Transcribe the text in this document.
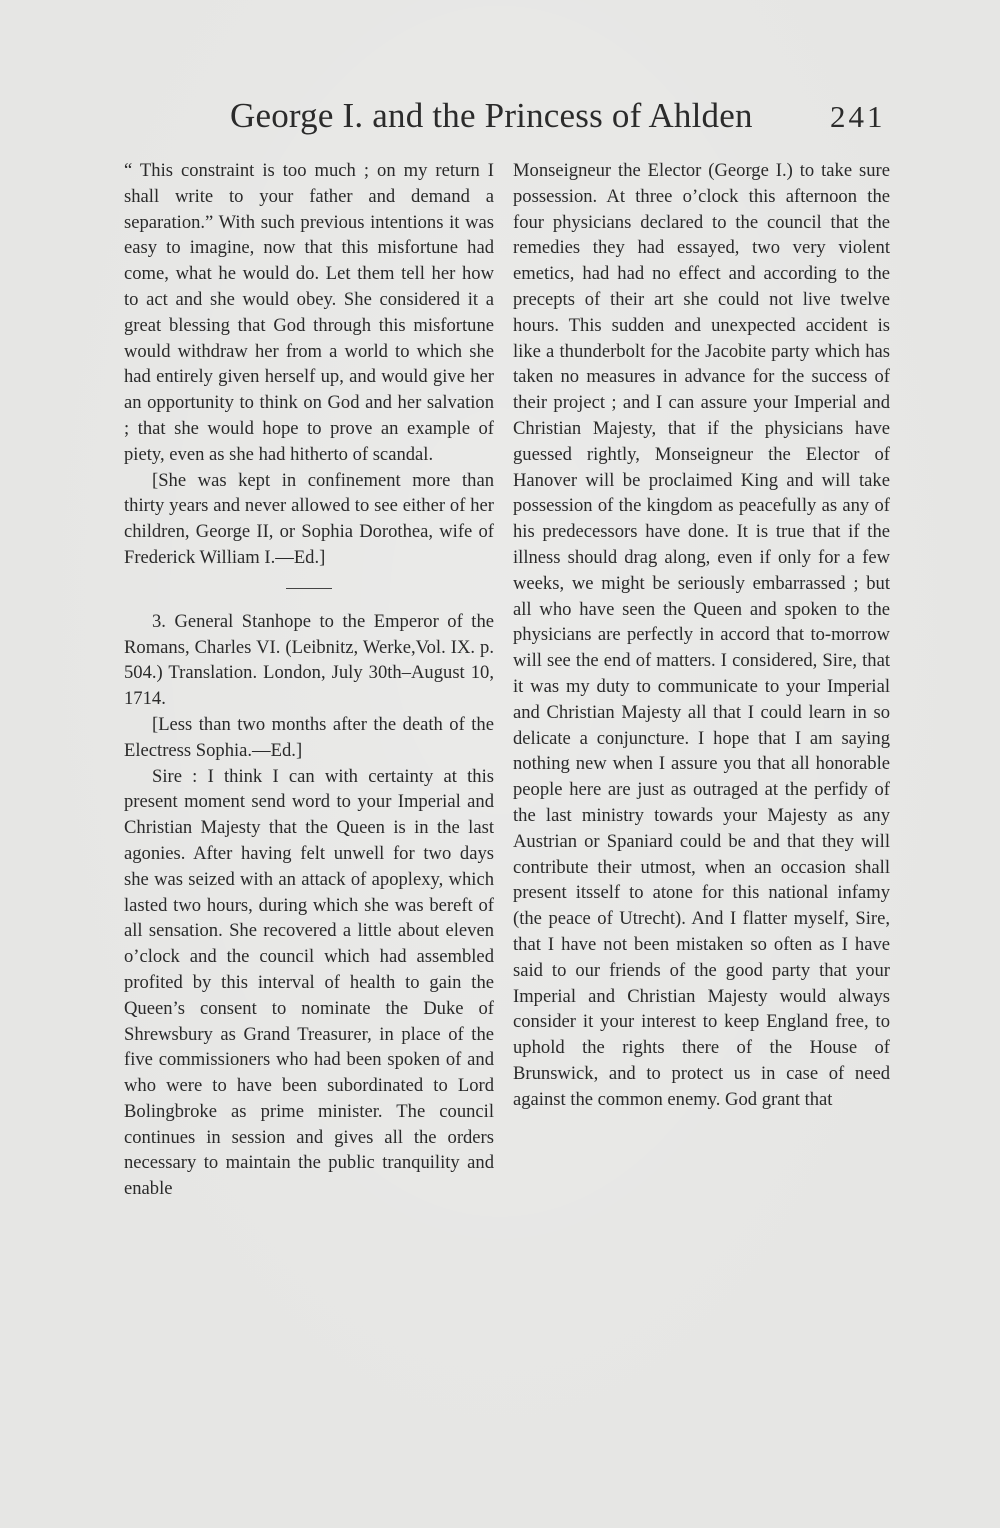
George I. and the Princess of Ahlden 241

“ This constraint is too much ; on my return I shall write to your father and demand a separation.” With such previous intentions it was easy to imagine, now that this misfortune had come, what he would do. Let them tell her how to act and she would obey. She considered it a great blessing that God through this misfortune would withdraw her from a world to which she had entirely given herself up, and would give her an opportunity to think on God and her salvation ; that she would hope to prove an example of piety, even as she had hitherto of scandal.

[She was kept in confinement more than thirty years and never allowed to see either of her children, George II, or Sophia Dorothea, wife of Frederick William I.—Ed.]

3. General Stanhope to the Emperor of the Romans, Charles VI. (Leibnitz, Werke,Vol. IX. p. 504.) Translation. London, July 30th–August 10, 1714.

[Less than two months after the death of the Electress Sophia.—Ed.]

Sire : I think I can with certainty at this present moment send word to your Imperial and Christian Majesty that the Queen is in the last agonies. After having felt unwell for two days she was seized with an attack of apoplexy, which lasted two hours, during which she was bereft of all sensation. She recovered a little about eleven o’clock and the council which had assembled profited by this interval of health to gain the Queen’s consent to nominate the Duke of Shrewsbury as Grand Treasurer, in place of the five commissioners who had been spoken of and who were to have been subordinated to Lord Bolingbroke as prime minister. The council continues in session and gives all the orders necessary to maintain the public tranquility and enable

Monseigneur the Elector (George I.) to take sure possession. At three o’clock this afternoon the four physicians declared to the council that the remedies they had essayed, two very violent emetics, had had no effect and according to the precepts of their art she could not live twelve hours. This sudden and unexpected accident is like a thunderbolt for the Jacobite party which has taken no measures in advance for the success of their project ; and I can assure your Imperial and Christian Majesty, that if the physicians have guessed rightly, Monseigneur the Elector of Hanover will be proclaimed King and will take possession of the kingdom as peacefully as any of his predecessors have done. It is true that if the illness should drag along, even if only for a few weeks, we might be seriously embarrassed ; but all who have seen the Queen and spoken to the physicians are perfectly in accord that to-morrow will see the end of matters. I considered, Sire, that it was my duty to communicate to your Imperial and Christian Majesty all that I could learn in so delicate a conjuncture. I hope that I am saying nothing new when I assure you that all honorable people here are just as outraged at the perfidy of the last ministry towards your Majesty as any Austrian or Spaniard could be and that they will contribute their utmost, when an occasion shall present itsself to atone for this national infamy (the peace of Utrecht). And I flatter myself, Sire, that I have not been mistaken so often as I have said to our friends of the good party that your Imperial and Christian Majesty would always consider it your interest to keep England free, to uphold the rights there of the House of Brunswick, and to protect us in case of need against the common enemy. God grant that
